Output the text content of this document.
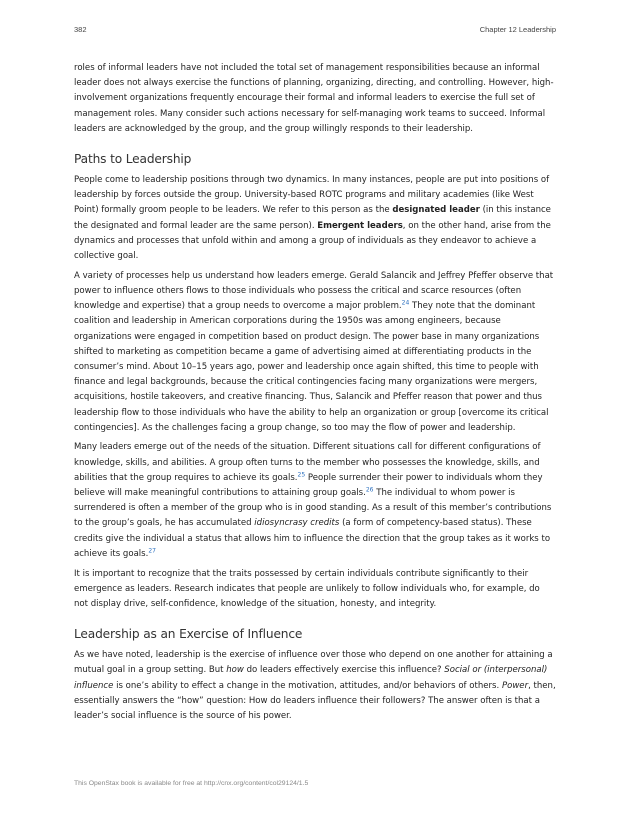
382	Chapter 12 Leadership

roles of informal leaders have not included the total set of management responsibilities because an informal leader does not always exercise the functions of planning, organizing, directing, and controlling. However, high-involvement organizations frequently encourage their formal and informal leaders to exercise the full set of management roles. Many consider such actions necessary for self-managing work teams to succeed. Informal leaders are acknowledged by the group, and the group willingly responds to their leadership.

Paths to Leadership

People come to leadership positions through two dynamics. In many instances, people are put into positions of leadership by forces outside the group. University-based ROTC programs and military academies (like West Point) formally groom people to be leaders. We refer to this person as the designated leader (in this instance the designated and formal leader are the same person). Emergent leaders, on the other hand, arise from the dynamics and processes that unfold within and among a group of individuals as they endeavor to achieve a collective goal.

A variety of processes help us understand how leaders emerge. Gerald Salancik and Jeffrey Pfeffer observe that power to influence others flows to those individuals who possess the critical and scarce resources (often knowledge and expertise) that a group needs to overcome a major problem.$^{24}$ They note that the dominant coalition and leadership in American corporations during the 1950s was among engineers, because organizations were engaged in competition based on product design. The power base in many organizations shifted to marketing as competition became a game of advertising aimed at differentiating products in the consumer’s mind. About 10–15 years ago, power and leadership once again shifted, this time to people with finance and legal backgrounds, because the critical contingencies facing many organizations were mergers, acquisitions, hostile takeovers, and creative financing. Thus, Salancik and Pfeffer reason that power and thus leadership flow to those individuals who have the ability to help an organization or group [overcome its critical contingencies]. As the challenges facing a group change, so too may the flow of power and leadership.

Many leaders emerge out of the needs of the situation. Different situations call for different configurations of knowledge, skills, and abilities. A group often turns to the member who possesses the knowledge, skills, and abilities that the group requires to achieve its goals.$^{25}$ People surrender their power to individuals whom they believe will make meaningful contributions to attaining group goals.$^{26}$ The individual to whom power is surrendered is often a member of the group who is in good standing. As a result of this member’s contributions to the group’s goals, he has accumulated idiosyncrasy credits (a form of competency-based status). These credits give the individual a status that allows him to influence the direction that the group takes as it works to achieve its goals.$^{27}$

It is important to recognize that the traits possessed by certain individuals contribute significantly to their emergence as leaders. Research indicates that people are unlikely to follow individuals who, for example, do not display drive, self-confidence, knowledge of the situation, honesty, and integrity.

Leadership as an Exercise of Influence

As we have noted, leadership is the exercise of influence over those who depend on one another for attaining a mutual goal in a group setting. But how do leaders effectively exercise this influence? Social or (interpersonal) influence is one’s ability to effect a change in the motivation, attitudes, and/or behaviors of others. Power, then, essentially answers the “how” question: How do leaders influence their followers? The answer often is that a leader’s social influence is the source of his power.

This OpenStax book is available for free at http://cnx.org/content/col29124/1.5
